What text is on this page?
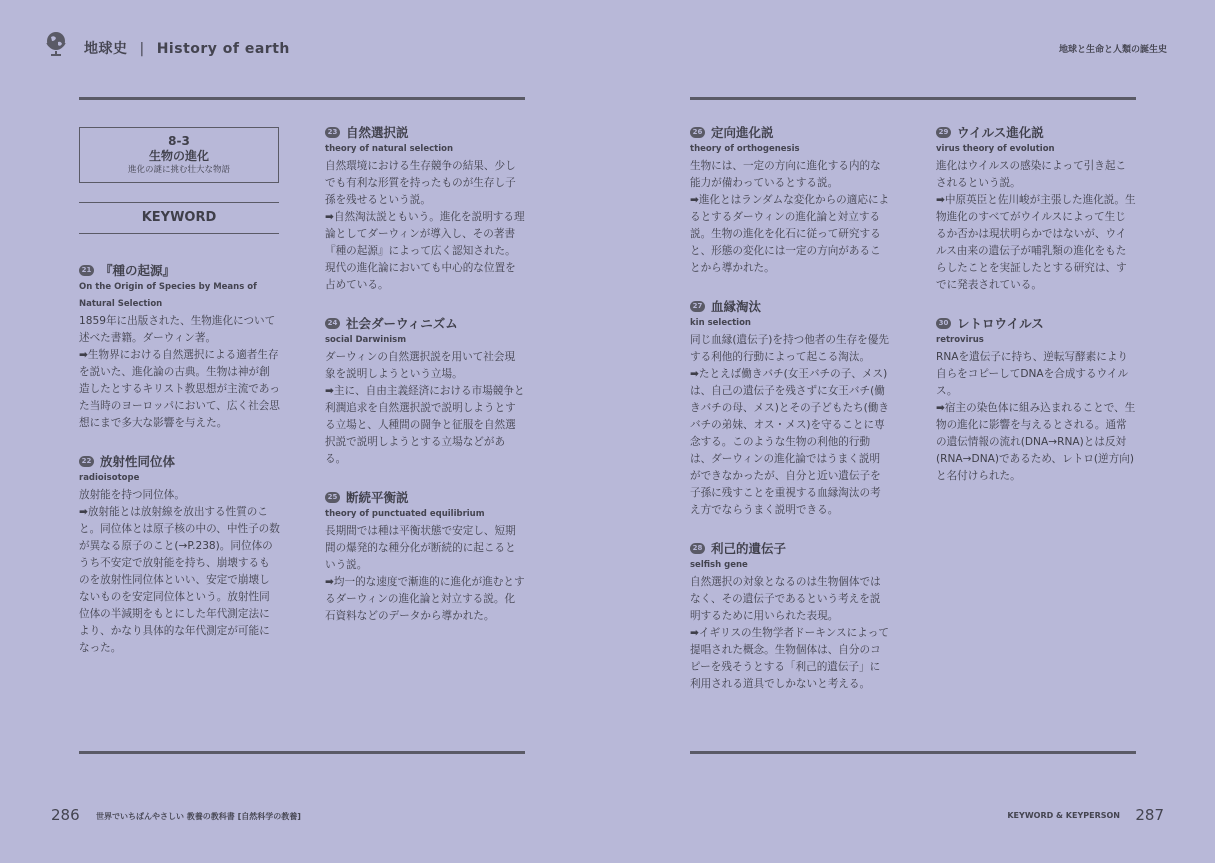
地球史 | History of earth	地球と生命と人類の誕生史
8-3
生物の進化
進化の謎に挑む壮大な物語
KEYWORD
21 『種の起源』
On the Origin of Species by Means of Natural Selection

1859年に出版された、生物進化について述べた書籍。ダーウィン著。

➡生物界における自然選択による適者生存を説いた、進化論の古典。生物は神が創造したとするキリスト教思想が主流であった当時のヨーロッパにおいて、広く社会思想にまで多大な影響を与えた。

22 放射性同位体
radioisotope

放射能を持つ同位体。

➡放射能とは放射線を放出する性質のこと。同位体とは原子核の中の、中性子の数が異なる原子のこと(→P.238)。同位体のうち不安定で放射能を持ち、崩壊するものを放射性同位体といい、安定で崩壊しないものを安定同位体という。放射性同位体の半減期をもとにした年代測定法により、かなり具体的な年代測定が可能になった。

23 自然選択説
theory of natural selection

自然環境における生存競争の結果、少しでも有利な形質を持ったものが生存し子孫を残せるという説。

➡自然淘汰説ともいう。進化を説明する理論としてダーウィンが導入し、その著書『種の起源』によって広く認知された。現代の進化論においても中心的な位置を占めている。

24 社会ダーウィニズム
social Darwinism

ダーウィンの自然選択説を用いて社会現象を説明しようという立場。

➡主に、自由主義経済における市場競争と利潤追求を自然選択説で説明しようとする立場と、人種間の闘争と征服を自然選択説で説明しようとする立場などがある。

25 断続平衡説
theory of punctuated equilibrium

長期間では種は平衡状態で安定し、短期間の爆発的な種分化が断続的に起こるという説。

➡均一的な速度で漸進的に進化が進むとするダーウィンの進化論と対立する説。化石資料などのデータから導かれた。

26 定向進化説
theory of orthogenesis

生物には、一定の方向に進化する内的な能力が備わっているとする説。

➡進化とはランダムな変化からの適応によるとするダーウィンの進化論と対立する説。生物の進化を化石に従って研究すると、形態の変化には一定の方向があることから導かれた。

27 血縁淘汰
kin selection

同じ血縁(遺伝子)を持つ他者の生存を優先する利他的行動によって起こる淘汰。

➡たとえば働きバチ(女王バチの子、メス)は、自己の遺伝子を残さずに女王バチ(働きバチの母、メス)とその子どもたち(働きバチの弟妹、オス・メス)を守ることに専念する。このような生物の利他的行動は、ダーウィンの進化論ではうまく説明ができなかったが、自分と近い遺伝子を子孫に残すことを重視する血縁淘汰の考え方でならうまく説明できる。

28 利己的遺伝子
selfish gene

自然選択の対象となるのは生物個体ではなく、その遺伝子であるという考えを説明するために用いられた表現。

➡イギリスの生物学者ドーキンスによって提唱された概念。生物個体は、自分のコピーを残そうとする「利己的遺伝子」に利用される道具でしかないと考える。

29 ウイルス進化説
virus theory of evolution

進化はウイルスの感染によって引き起こされるという説。

➡中原英臣と佐川峻が主張した進化説。生物進化のすべてがウイルスによって生じるか否かは現状明らかではないが、ウイルス由来の遺伝子が哺乳類の進化をもたらしたことを実証したとする研究は、すでに発表されている。

30 レトロウイルス
retrovirus

RNAを遺伝子に持ち、逆転写酵素により自らをコピーしてDNAを合成するウイルス。

➡宿主の染色体に組み込まれることで、生物の進化に影響を与えるとされる。通常の遺伝情報の流れ(DNA→RNA)とは反対(RNA→DNA)であるため、レトロ(逆方向)と名付けられた。

286 世界でいちばんやさしい 教養の教科書 [自然科学の教養]	KEYWORD & KEYPERSON 287
